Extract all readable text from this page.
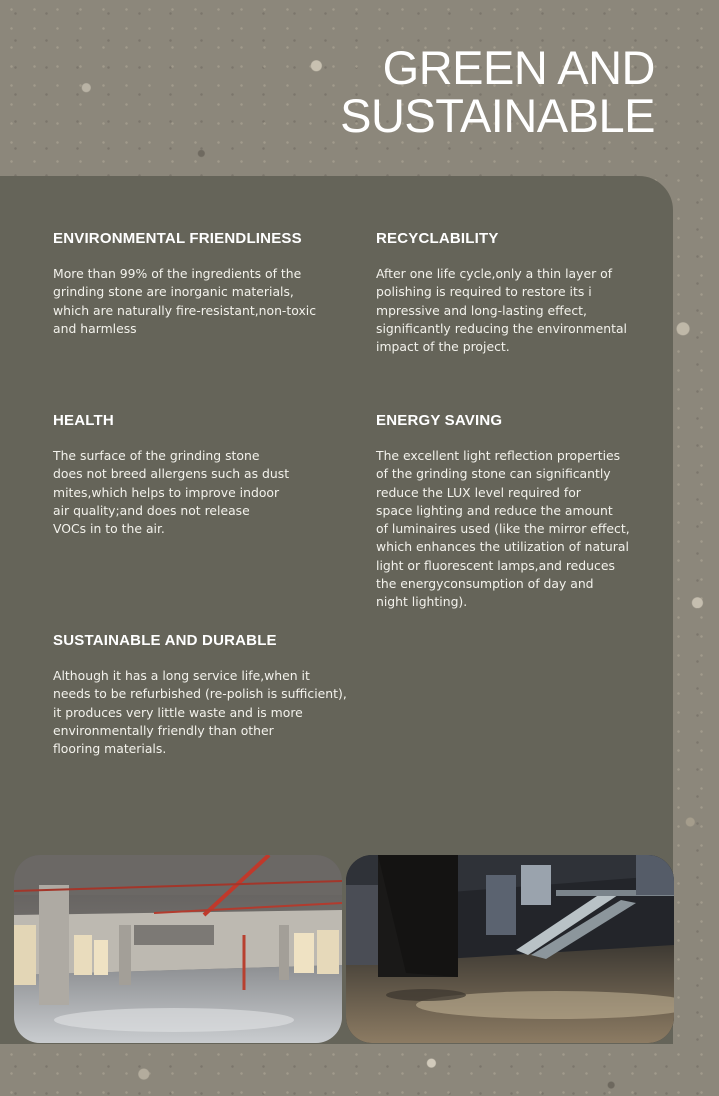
GREEN AND
SUSTAINABLE
ENVIRONMENTAL FRIENDLINESS

More than 99% of the ingredients of the
grinding stone are inorganic materials,
which are naturally fire-resistant,non-toxic
and harmless

RECYCLABILITY

After one life cycle,only a thin layer of
polishing is required to restore its i
mpressive and long-lasting effect,
significantly reducing the environmental
impact of the project.

HEALTH

The surface of the grinding stone
does not breed allergens such as dust
mites,which helps to improve indoor
air quality;and does not release
VOCs in to the air.

ENERGY SAVING

The excellent light reflection properties
of the grinding stone can significantly
reduce the LUX level required for
space lighting and reduce the amount
of luminaires used (like the mirror effect,
which enhances the utilization of natural
light or fluorescent lamps,and reduces
the energyconsumption of day and
night lighting).

SUSTAINABLE AND DURABLE

Although it has a long service life,when it
needs to be refurbished (re-polish is sufficient),
it produces very little waste and is more
environmentally friendly than other
flooring materials.
